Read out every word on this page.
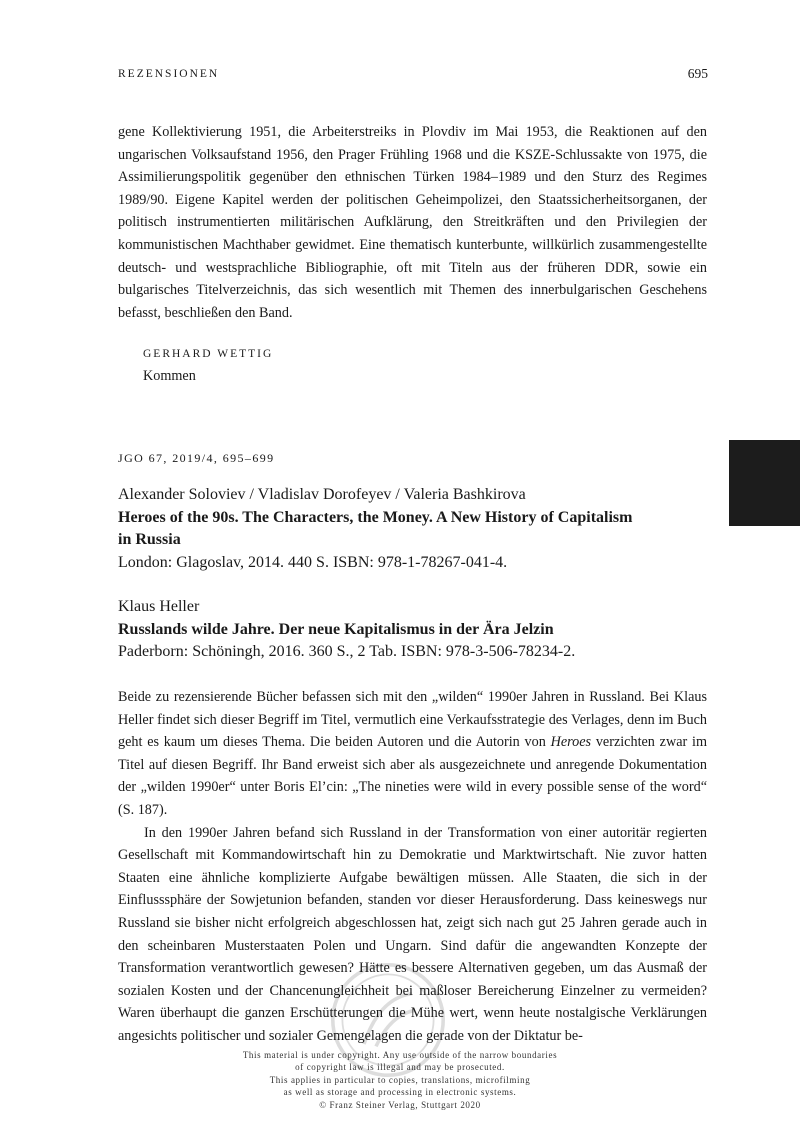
REZENSIONEN	695
gene Kollektivierung 1951, die Arbeiterstreiks in Plovdiv im Mai 1953, die Reaktionen auf den ungarischen Volksaufstand 1956, den Prager Frühling 1968 und die KSZE-Schlussakte von 1975, die Assimilierungspolitik gegenüber den ethnischen Türken 1984–1989 und den Sturz des Regimes 1989/90. Eigene Kapitel werden der politischen Geheimpolizei, den Staatssicherheitsorganen, der politisch instrumentierten militärischen Aufklärung, den Streitkräften und den Privilegien der kommunistischen Machthaber gewidmet. Eine thematisch kunterbunte, willkürlich zusammengestellte deutsch- und westsprachliche Bibliographie, oft mit Titeln aus der früheren DDR, sowie ein bulgarisches Titelverzeichnis, das sich wesentlich mit Themen des innerbulgarischen Geschehens befasst, beschließen den Band.
GERHARD WETTIG
Kommen
JGO 67, 2019/4, 695–699
Alexander Soloviev / Vladislav Dorofeyev / Valeria Bashkirova
Heroes of the 90s. The Characters, the Money. A New History of Capitalism
in Russia
London: Glagoslav, 2014. 440 S. ISBN: 978-1-78267-041-4.
Klaus Heller
Russlands wilde Jahre. Der neue Kapitalismus in der Ära Jelzin
Paderborn: Schöningh, 2016. 360 S., 2 Tab. ISBN: 978-3-506-78234-2.

Beide zu rezensierende Bücher befassen sich mit den „wilden“ 1990er Jahren in Russland. Bei Klaus Heller findet sich dieser Begriff im Titel, vermutlich eine Verkaufsstrategie des Verlages, denn im Buch geht es kaum um dieses Thema. Die beiden Autoren und die Autorin von Heroes verzichten zwar im Titel auf diesen Begriff. Ihr Band erweist sich aber als ausgezeichnete und anregende Dokumentation der „wilden 1990er“ unter Boris El’cin: „The nineties were wild in every possible sense of the word“ (S. 187).

In den 1990er Jahren befand sich Russland in der Transformation von einer autoritär regierten Gesellschaft mit Kommandowirtschaft hin zu Demokratie und Marktwirtschaft. Nie zuvor hatten Staaten eine ähnliche komplizierte Aufgabe bewältigen müssen. Alle Staaten, die sich in der Einflusssphäre der Sowjetunion befanden, standen vor dieser Herausforderung. Dass keineswegs nur Russland sie bisher nicht erfolgreich abgeschlossen hat, zeigt sich nach gut 25 Jahren gerade auch in den scheinbaren Musterstaaten Polen und Ungarn. Sind dafür die angewandten Konzepte der Transformation verantwortlich gewesen? Hätte es bessere Alternativen gegeben, um das Ausmaß der sozialen Kosten und der Chancenungleichheit bei maßloser Bereicherung Einzelner zu vermeiden? Waren überhaupt die ganzen Erschütterungen die Mühe wert, wenn heute nostalgische Verklärungen angesichts politischer und sozialer Gemengelagen die gerade von der Diktatur be-

This material is under copyright. Any use outside of the narrow boundaries
of copyright law is illegal and may be prosecuted.
This applies in particular to copies, translations, microfilming
as well as storage and processing in electronic systems.
© Franz Steiner Verlag, Stuttgart 2020
